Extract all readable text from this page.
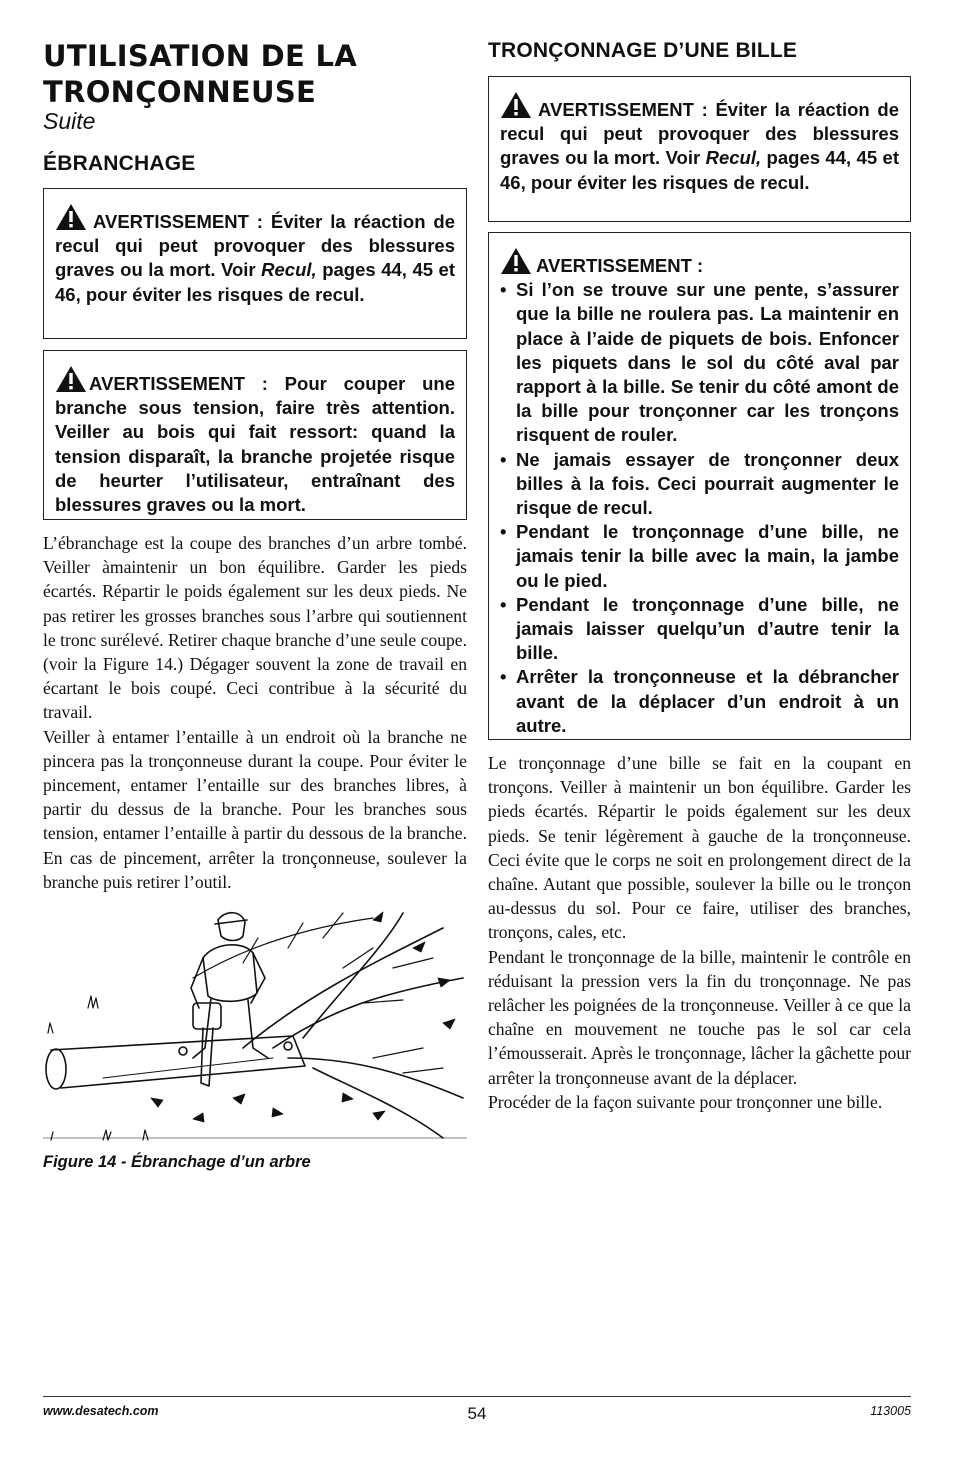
UTILISATION DE LA
TRONÇONNEUSE
Suite
ÉBRANCHAGE
AVERTISSEMENT : Éviter la réaction de recul qui peut provoquer des blessures graves ou la mort. Voir Recul, pages 44, 45 et 46, pour éviter les risques de recul.
AVERTISSEMENT : Pour couper une branche sous tension, faire très attention. Veiller au bois qui fait ressort: quand la tension disparaît, la branche projetée risque de heurter l’utilisateur, entraînant des blessures graves ou la mort.

L’ébranchage est la coupe des branches d’un arbre tombé. Veiller àmaintenir un bon équilibre. Garder les pieds écartés. Répartir le poids également sur les deux pieds. Ne pas retirer les grosses branches sous l’arbre qui soutiennent le tronc surélevé. Retirer chaque branche d’une seule coupe. (voir la Figure 14.) Dégager souvent la zone de travail en écartant le bois coupé. Ceci contribue à la sécurité du travail.

Veiller à entamer l’entaille à un endroit où la branche ne pincera pas la tronçonneuse durant la coupe. Pour éviter le pincement, entamer l’entaille sur des branches libres, à partir du dessus de la branche. Pour les branches sous tension, entamer l’entaille à partir du dessous de la branche. En cas de pincement, arrêter la tronçonneuse, soulever la branche puis retirer l’outil.

Figure 14 - Ébranchage d’un arbre
TRONÇONNAGE D’UNE BILLE
AVERTISSEMENT : Éviter la réaction de recul qui peut provoquer des blessures graves ou la mort. Voir Recul, pages 44, 45 et 46, pour éviter les risques de recul.
AVERTISSEMENT :
• Si l’on se trouve sur une pente, s’assurer que la bille ne roulera pas. La maintenir en place à l’aide de piquets de bois. Enfoncer les piquets dans le sol du côté aval par rapport à la bille. Se tenir du côté amont de la bille pour tronçonner car les tronçons risquent de rouler.
• Ne jamais essayer de tronçonner deux billes à la fois. Ceci pourrait augmenter le risque de recul.
• Pendant le tronçonnage d’une bille, ne jamais tenir la bille avec la main, la jambe ou le pied.
• Pendant le tronçonnage d’une bille, ne jamais laisser quelqu’un d’autre tenir la bille.
• Arrêter la tronçonneuse et la débrancher avant de la déplacer d’un endroit à un autre.

Le tronçonnage d’une bille se fait en la coupant en tronçons. Veiller à maintenir un bon équilibre. Garder les pieds écartés. Répartir le poids également sur les deux pieds. Se tenir légèrement à gauche de la tronçonneuse. Ceci évite que le corps ne soit en prolongement direct de la chaîne. Autant que possible, soulever la bille ou le tronçon au-dessus du sol. Pour ce faire, utiliser des branches, tronçons, cales, etc.

Pendant le tronçonnage de la bille, maintenir le contrôle en réduisant la pression vers la fin du tronçonnage. Ne pas relâcher les poignées de la tronçonneuse. Veiller à ce que la chaîne en mouvement ne touche pas le sol car cela l’émousserait. Après le tronçonnage, lâcher la gâchette pour arrêter la tronçonneuse avant de la déplacer.

Procéder de la façon suivante pour tronçonner une bille.

www.desatech.com	54	113005
